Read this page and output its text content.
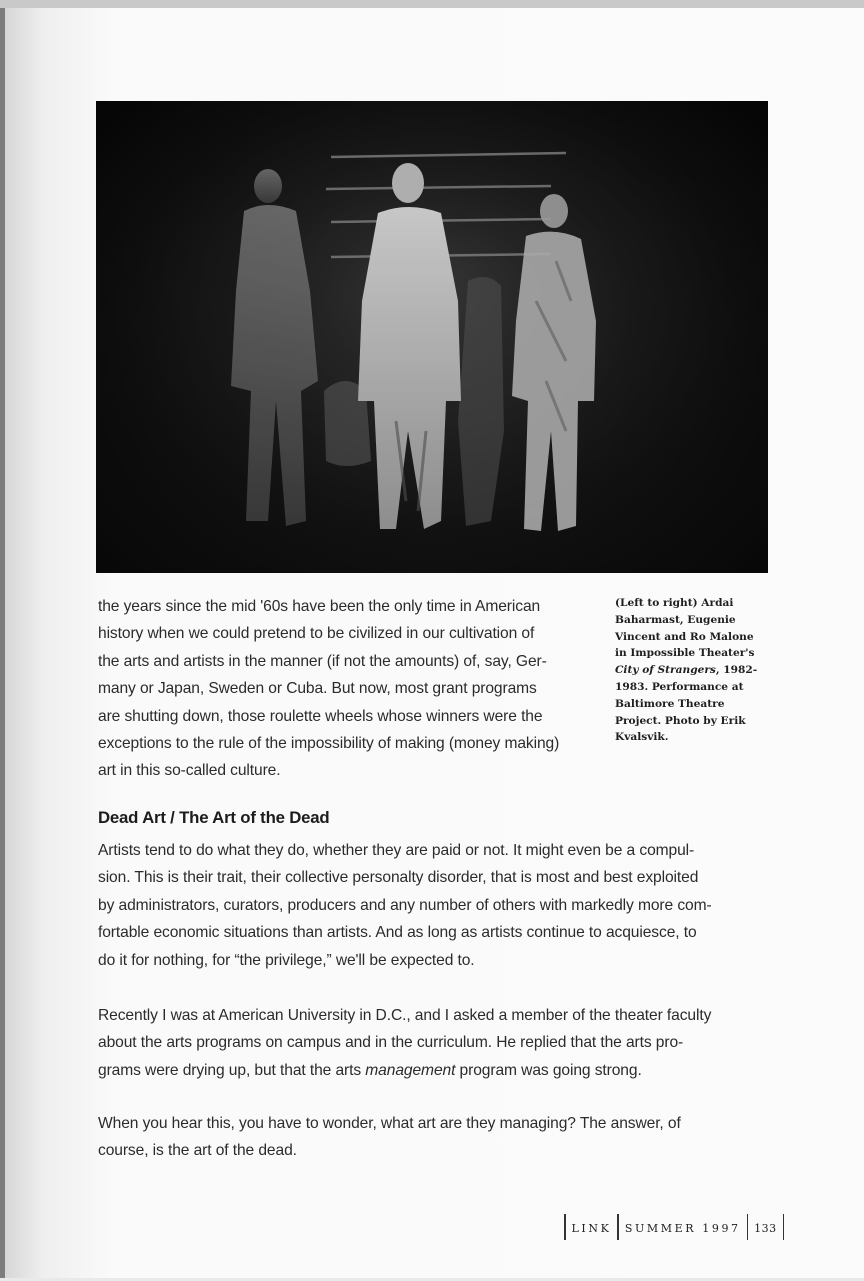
the years since the mid '60s have been the only time in American
history when we could pretend to be civilized in our cultivation of
the arts and artists in the manner (if not the amounts) of, say, Ger-
many or Japan, Sweden or Cuba. But now, most grant programs
are shutting down, those roulette wheels whose winners were the
exceptions to the rule of the impossibility of making (money making)
art in this so-called culture.
(Left to right) Ardai
Baharmast, Eugenie
Vincent and Ro Malone
in Impossible Theater's
City of Strangers, 1982-
1983. Performance at
Baltimore Theatre
Project. Photo by Erik
Kvalsvik.
Dead Art / The Art of the Dead
Artists tend to do what they do, whether they are paid or not. It might even be a compul-
sion. This is their trait, their collective personalty disorder, that is most and best exploited
by administrators, curators, producers and any number of others with markedly more com-
fortable economic situations than artists. And as long as artists continue to acquiesce, to
do it for nothing, for “the privilege,” we'll be expected to.
Recently I was at American University in D.C., and I asked a member of the theater faculty
about the arts programs on campus and in the curriculum. He replied that the arts pro-
grams were drying up, but that the arts management program was going strong.
When you hear this, you have to wonder, what art are they managing? The answer, of
course, is the art of the dead.
LINK SUMMER 1997 133
